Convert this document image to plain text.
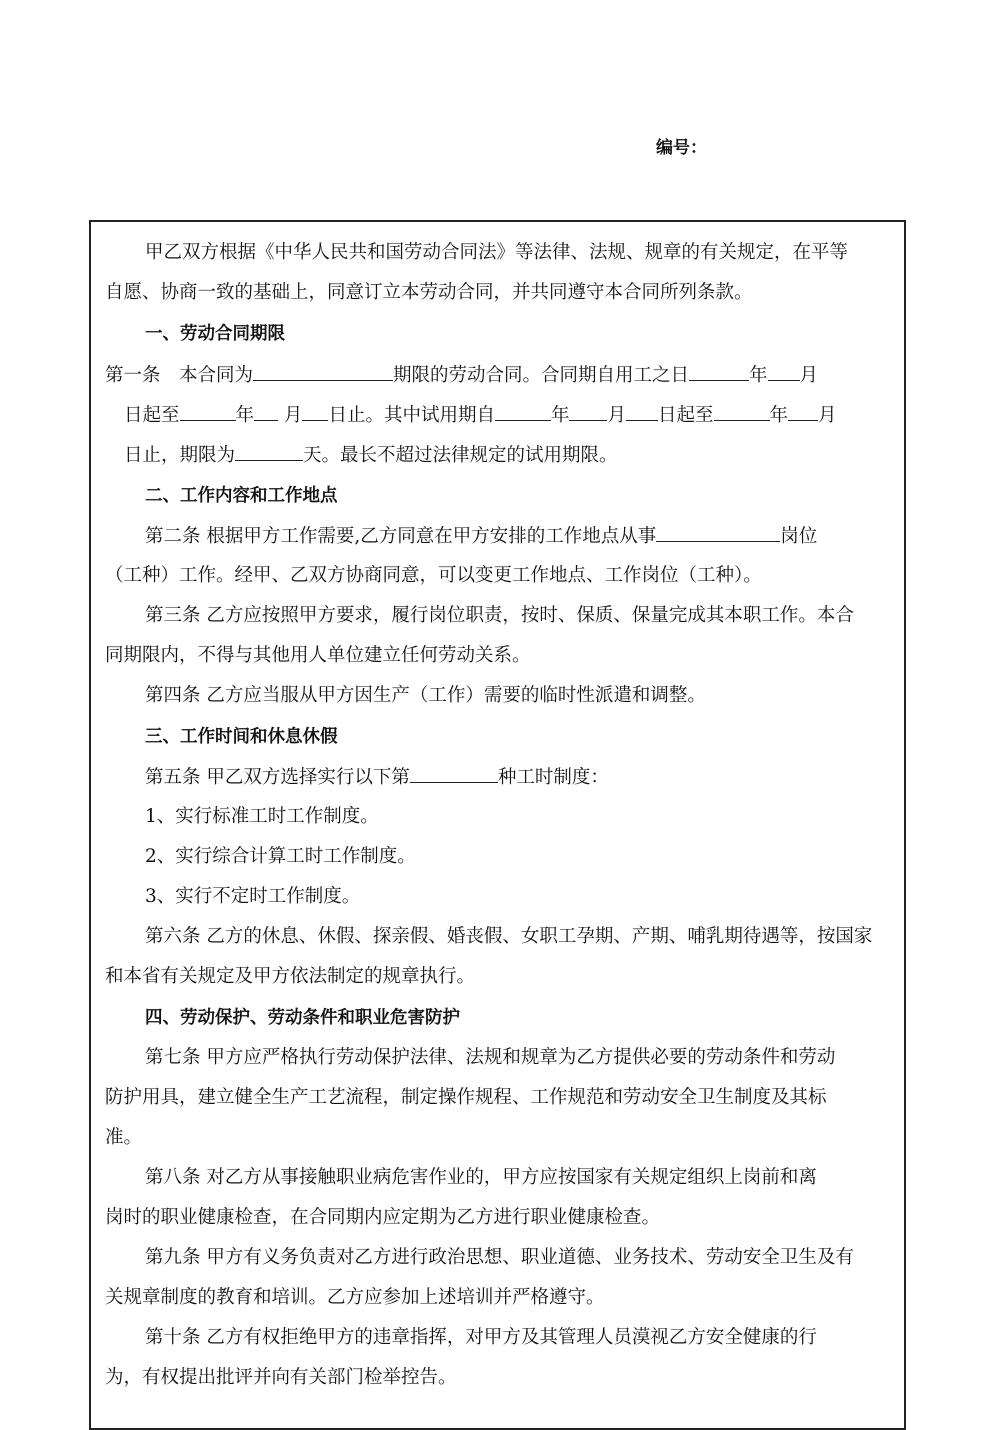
编号：
甲乙双方根据《中华人民共和国劳动合同法》等法律、法规、规章的有关规定，在平等
自愿、协商一致的基础上，同意订立本劳动合同，并共同遵守本合同所列条款。
一、劳动合同期限
第一条　本合同为	期限的劳动合同。合同期自用工之日	年 月
日起至	年 月 日止。其中试用期自	年 月 日起至	年 月
日止，期限为	天。最长不超过法律规定的试用期限。
二、工作内容和工作地点
第二条 根据甲方工作需要,乙方同意在甲方安排的工作地点从事	岗位
（工种）工作。经甲、乙双方协商同意，可以变更工作地点、工作岗位（工种）。
第三条 乙方应按照甲方要求，履行岗位职责，按时、保质、保量完成其本职工作。本合
同期限内，不得与其他用人单位建立任何劳动关系。
第四条 乙方应当服从甲方因生产（工作）需要的临时性派遣和调整。
三、工作时间和休息休假
第五条 甲乙双方选择实行以下第	种工时制度：
1、实行标准工时工作制度。
2、实行综合计算工时工作制度。
3、实行不定时工作制度。
第六条 乙方的休息、休假、探亲假、婚丧假、女职工孕期、产期、哺乳期待遇等，按国家
和本省有关规定及甲方依法制定的规章执行。
四、劳动保护、劳动条件和职业危害防护
第七条 甲方应严格执行劳动保护法律、法规和规章为乙方提供必要的劳动条件和劳动
防护用具，建立健全生产工艺流程，制定操作规程、工作规范和劳动安全卫生制度及其标
准。
第八条 对乙方从事接触职业病危害作业的，甲方应按国家有关规定组织上岗前和离
岗时的职业健康检查，在合同期内应定期为乙方进行职业健康检查。
第九条 甲方有义务负责对乙方进行政治思想、职业道德、业务技术、劳动安全卫生及有
关规章制度的教育和培训。乙方应参加上述培训并严格遵守。
第十条 乙方有权拒绝甲方的违章指挥，对甲方及其管理人员漠视乙方安全健康的行
为，有权提出批评并向有关部门检举控告。
